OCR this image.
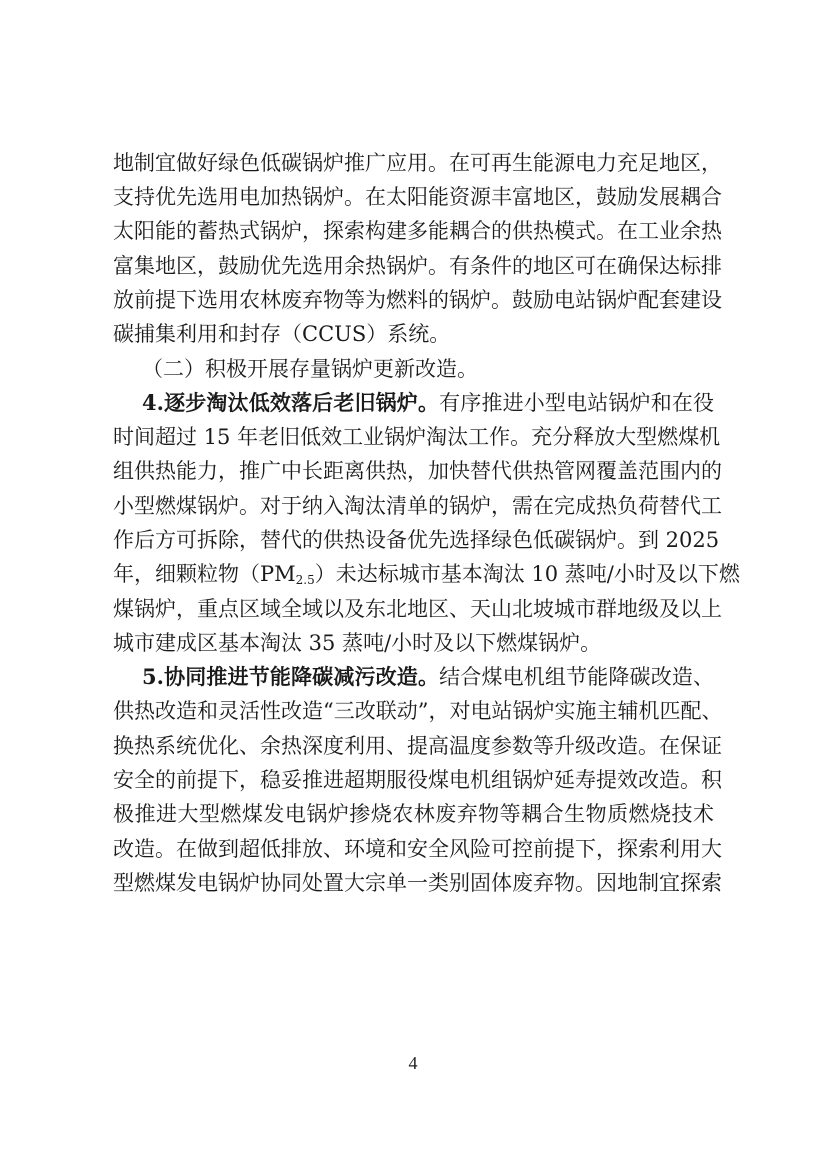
地制宜做好绿色低碳锅炉推广应用。在可再生能源电力充足地区，
支持优先选用电加热锅炉。在太阳能资源丰富地区，鼓励发展耦合
太阳能的蓄热式锅炉，探索构建多能耦合的供热模式。在工业余热
富集地区，鼓励优先选用余热锅炉。有条件的地区可在确保达标排
放前提下选用农林废弃物等为燃料的锅炉。鼓励电站锅炉配套建设
碳捕集利用和封存（CCUS）系统。
（二）积极开展存量锅炉更新改造。
4.逐步淘汰低效落后老旧锅炉。有序推进小型电站锅炉和在役
时间超过 15 年老旧低效工业锅炉淘汰工作。充分释放大型燃煤机
组供热能力，推广中长距离供热，加快替代供热管网覆盖范围内的
小型燃煤锅炉。对于纳入淘汰清单的锅炉，需在完成热负荷替代工
作后方可拆除，替代的供热设备优先选择绿色低碳锅炉。到 2025
年，细颗粒物$(PM_{2.5})$未达标城市基本淘汰 10 蒸吨/小时及以下燃
煤锅炉，重点区域全域以及东北地区、天山北坡城市群地级及以上
城市建成区基本淘汰 35 蒸吨/小时及以下燃煤锅炉。
5.协同推进节能降碳减污改造。结合煤电机组节能降碳改造、
供热改造和灵活性改造“三改联动”，对电站锅炉实施主辅机匹配、
换热系统优化、余热深度利用、提高温度参数等升级改造。在保证
安全的前提下，稳妥推进超期服役煤电机组锅炉延寿提效改造。积
极推进大型燃煤发电锅炉掺烧农林废弃物等耦合生物质燃烧技术
改造。在做到超低排放、环境和安全风险可控前提下，探索利用大
型燃煤发电锅炉协同处置大宗单一类别固体废弃物。因地制宜探索
4
